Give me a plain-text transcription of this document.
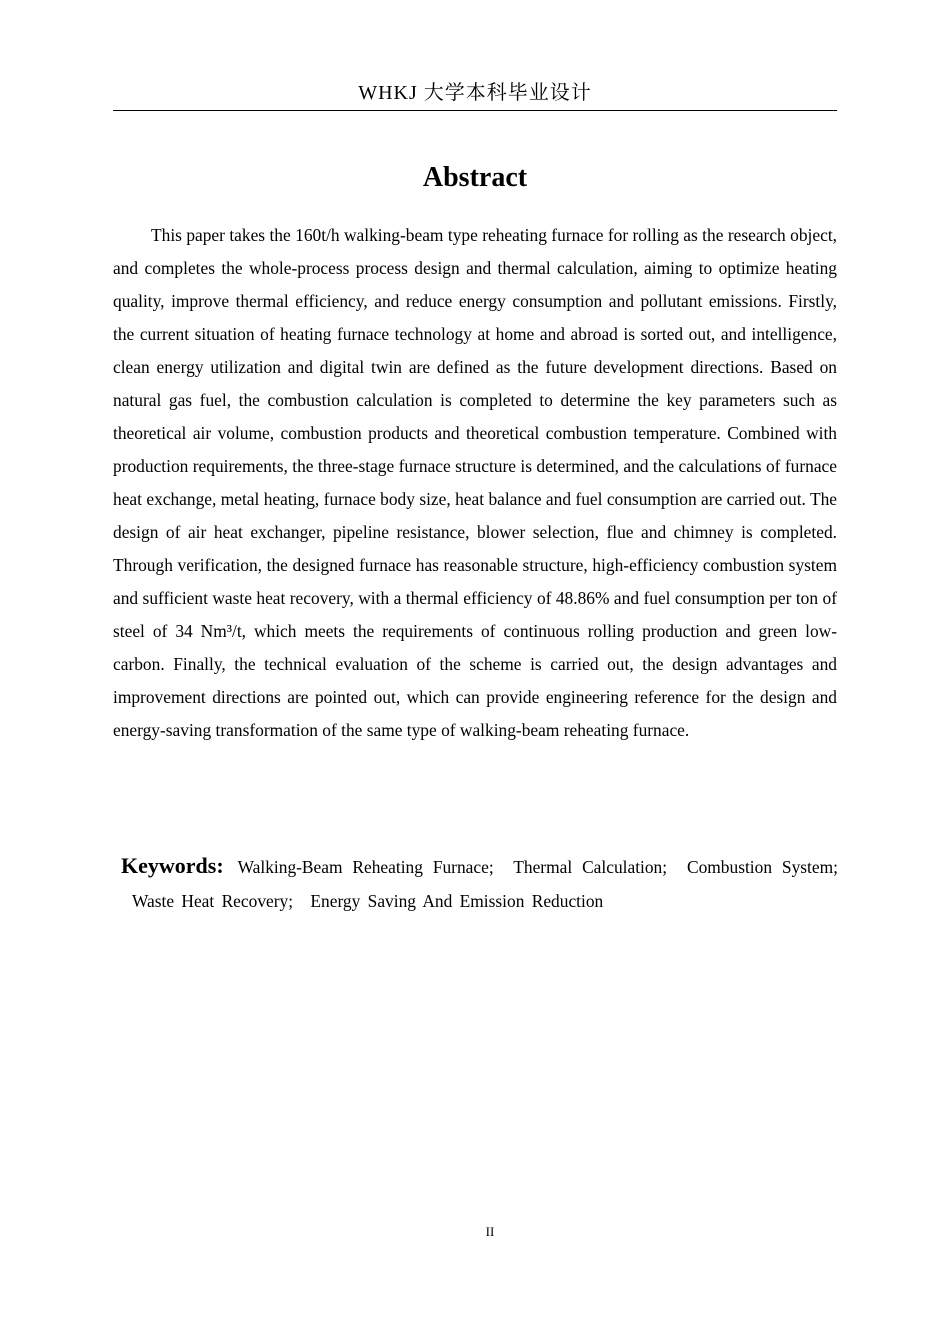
WHKJ 大学本科毕业设计
Abstract

This paper takes the 160t/h walking-beam type reheating furnace for rolling as the research object, and completes the whole-process process design and thermal calculation, aiming to optimize heating quality, improve thermal efficiency, and reduce energy consumption and pollutant emissions. Firstly, the current situation of heating furnace technology at home and abroad is sorted out, and intelligence, clean energy utilization and digital twin are defined as the future development directions. Based on natural gas fuel, the combustion calculation is completed to determine the key parameters such as theoretical air volume, combustion products and theoretical combustion temperature. Combined with production requirements, the three-stage furnace structure is determined, and the calculations of furnace heat exchange, metal heating, furnace body size, heat balance and fuel consumption are carried out. The design of air heat exchanger, pipeline resistance, blower selection, flue and chimney is completed. Through verification, the designed furnace has reasonable structure, high-efficiency combustion system and sufficient waste heat recovery, with a thermal efficiency of 48.86% and fuel consumption per ton of steel of 34 Nm³/t, which meets the requirements of continuous rolling production and green low-carbon. Finally, the technical evaluation of the scheme is carried out, the design advantages and improvement directions are pointed out, which can provide engineering reference for the design and energy-saving transformation of the same type of walking-beam reheating furnace.

Keywords: Walking-Beam Reheating Furnace; Thermal Calculation; Combustion System; Waste Heat Recovery; Energy Saving And Emission Reduction

II
